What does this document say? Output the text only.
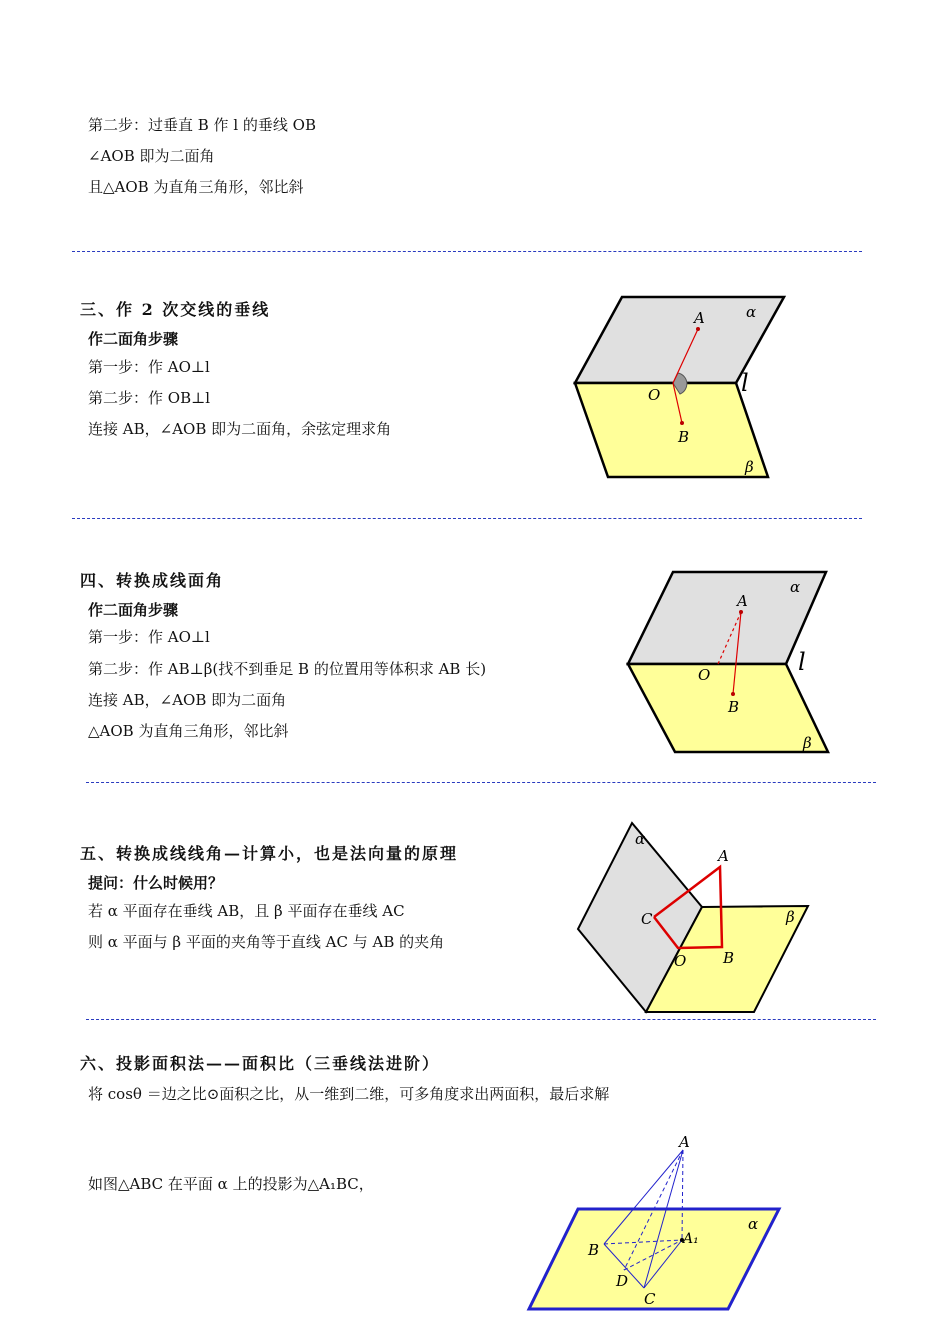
第二步：过垂直 B 作 l 的垂线 OB
∠AOB 即为二面角
且△AOB 为直角三角形，邻比斜
三、作 2 次交线的垂线
作二面角步骤
第一步：作 AO⊥l
第二步：作 OB⊥l
连接 AB，∠AOB 即为二面角，余弦定理求角
A
O
B
l
α
β
四、转换成线面角
作二面角步骤
第一步：作 AO⊥l
第二步：作 AB⊥β(找不到垂足 B 的位置用等体积求 AB 长)
连接 AB，∠AOB 即为二面角
△AOB 为直角三角形，邻比斜
A
O
B
l
α
β
五、转换成线线角—计算小，也是法向量的原理
提问：什么时候用？
若 α 平面存在垂线 AB，且 β 平面存在垂线 AC
则 α 平面与 β 平面的夹角等于直线 AC 与 AB 的夹角
α
A
C
O B
β
六、投影面积法——面积比（三垂线法进阶）
将 cosθ ＝边之比⊙面积之比，从一维到二维，可多角度求出两面积，最后求解
如图△ABC 在平面 α 上的投影为△A₁BC，
A
A₁
B
D
C
α
